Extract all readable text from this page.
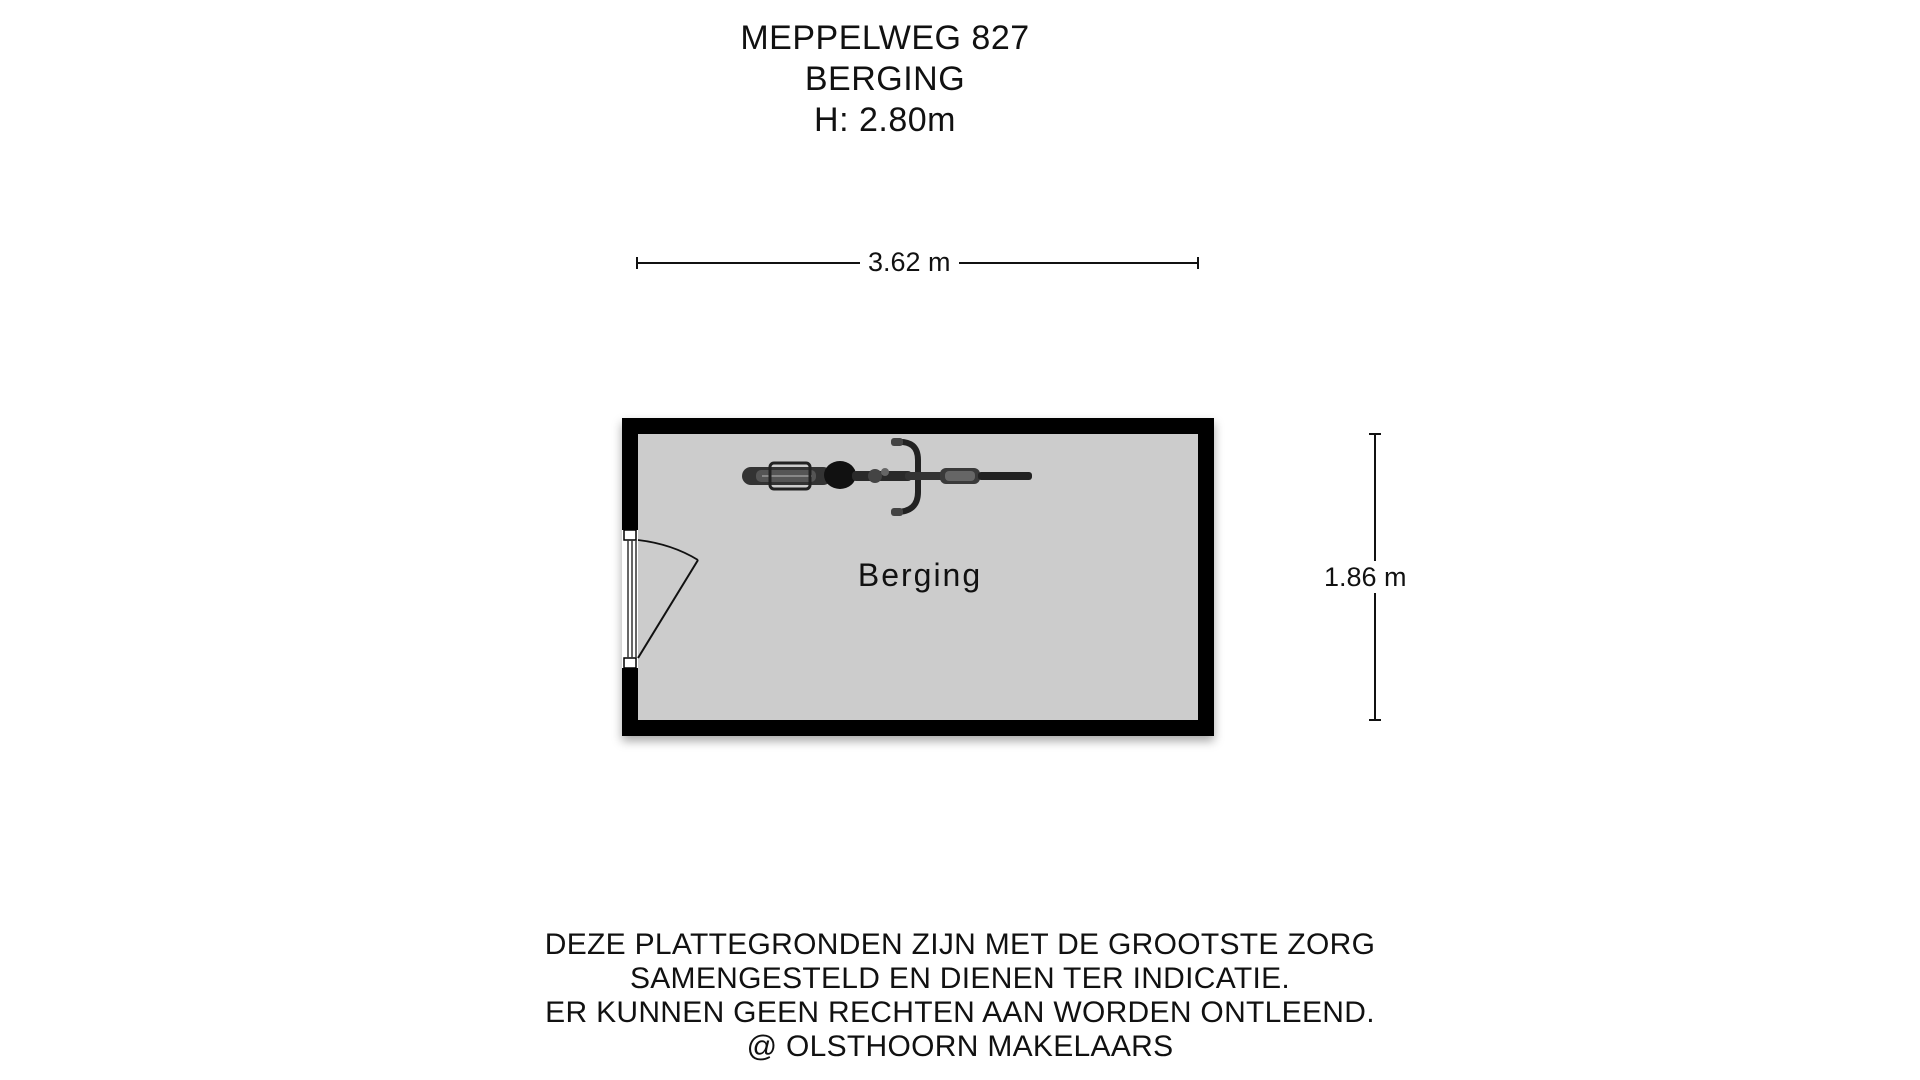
MEPPELWEG 827
BERGING
H: 2.80m
3.62 m
1.86 m
Berging
DEZE PLATTEGRONDEN ZIJN MET DE GROOTSTE ZORG
SAMENGESTELD EN DIENEN TER INDICATIE.
ER KUNNEN GEEN RECHTEN AAN WORDEN ONTLEEND.
@ OLSTHOORN MAKELAARS
